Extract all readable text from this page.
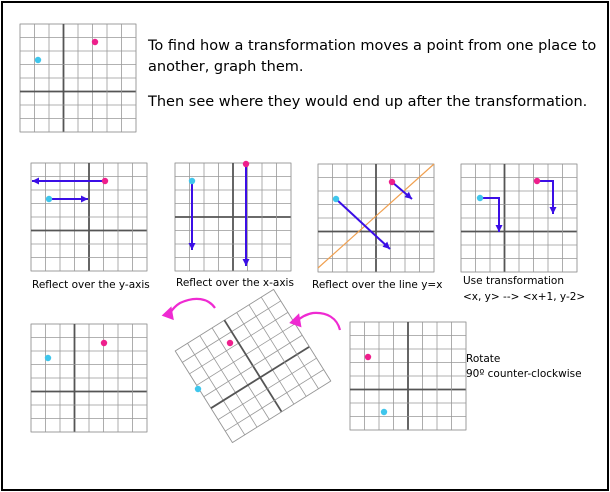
To find how a transformation moves a point from one place to
another, graph them.
Then see where they would end up after the transformation.
Reflect over the y-axis Reflect over the x-axis Reflect over the line y=x Use transformation
<x, y> --> <x+1, y-2>
Rotate
90º counter-clockwise
